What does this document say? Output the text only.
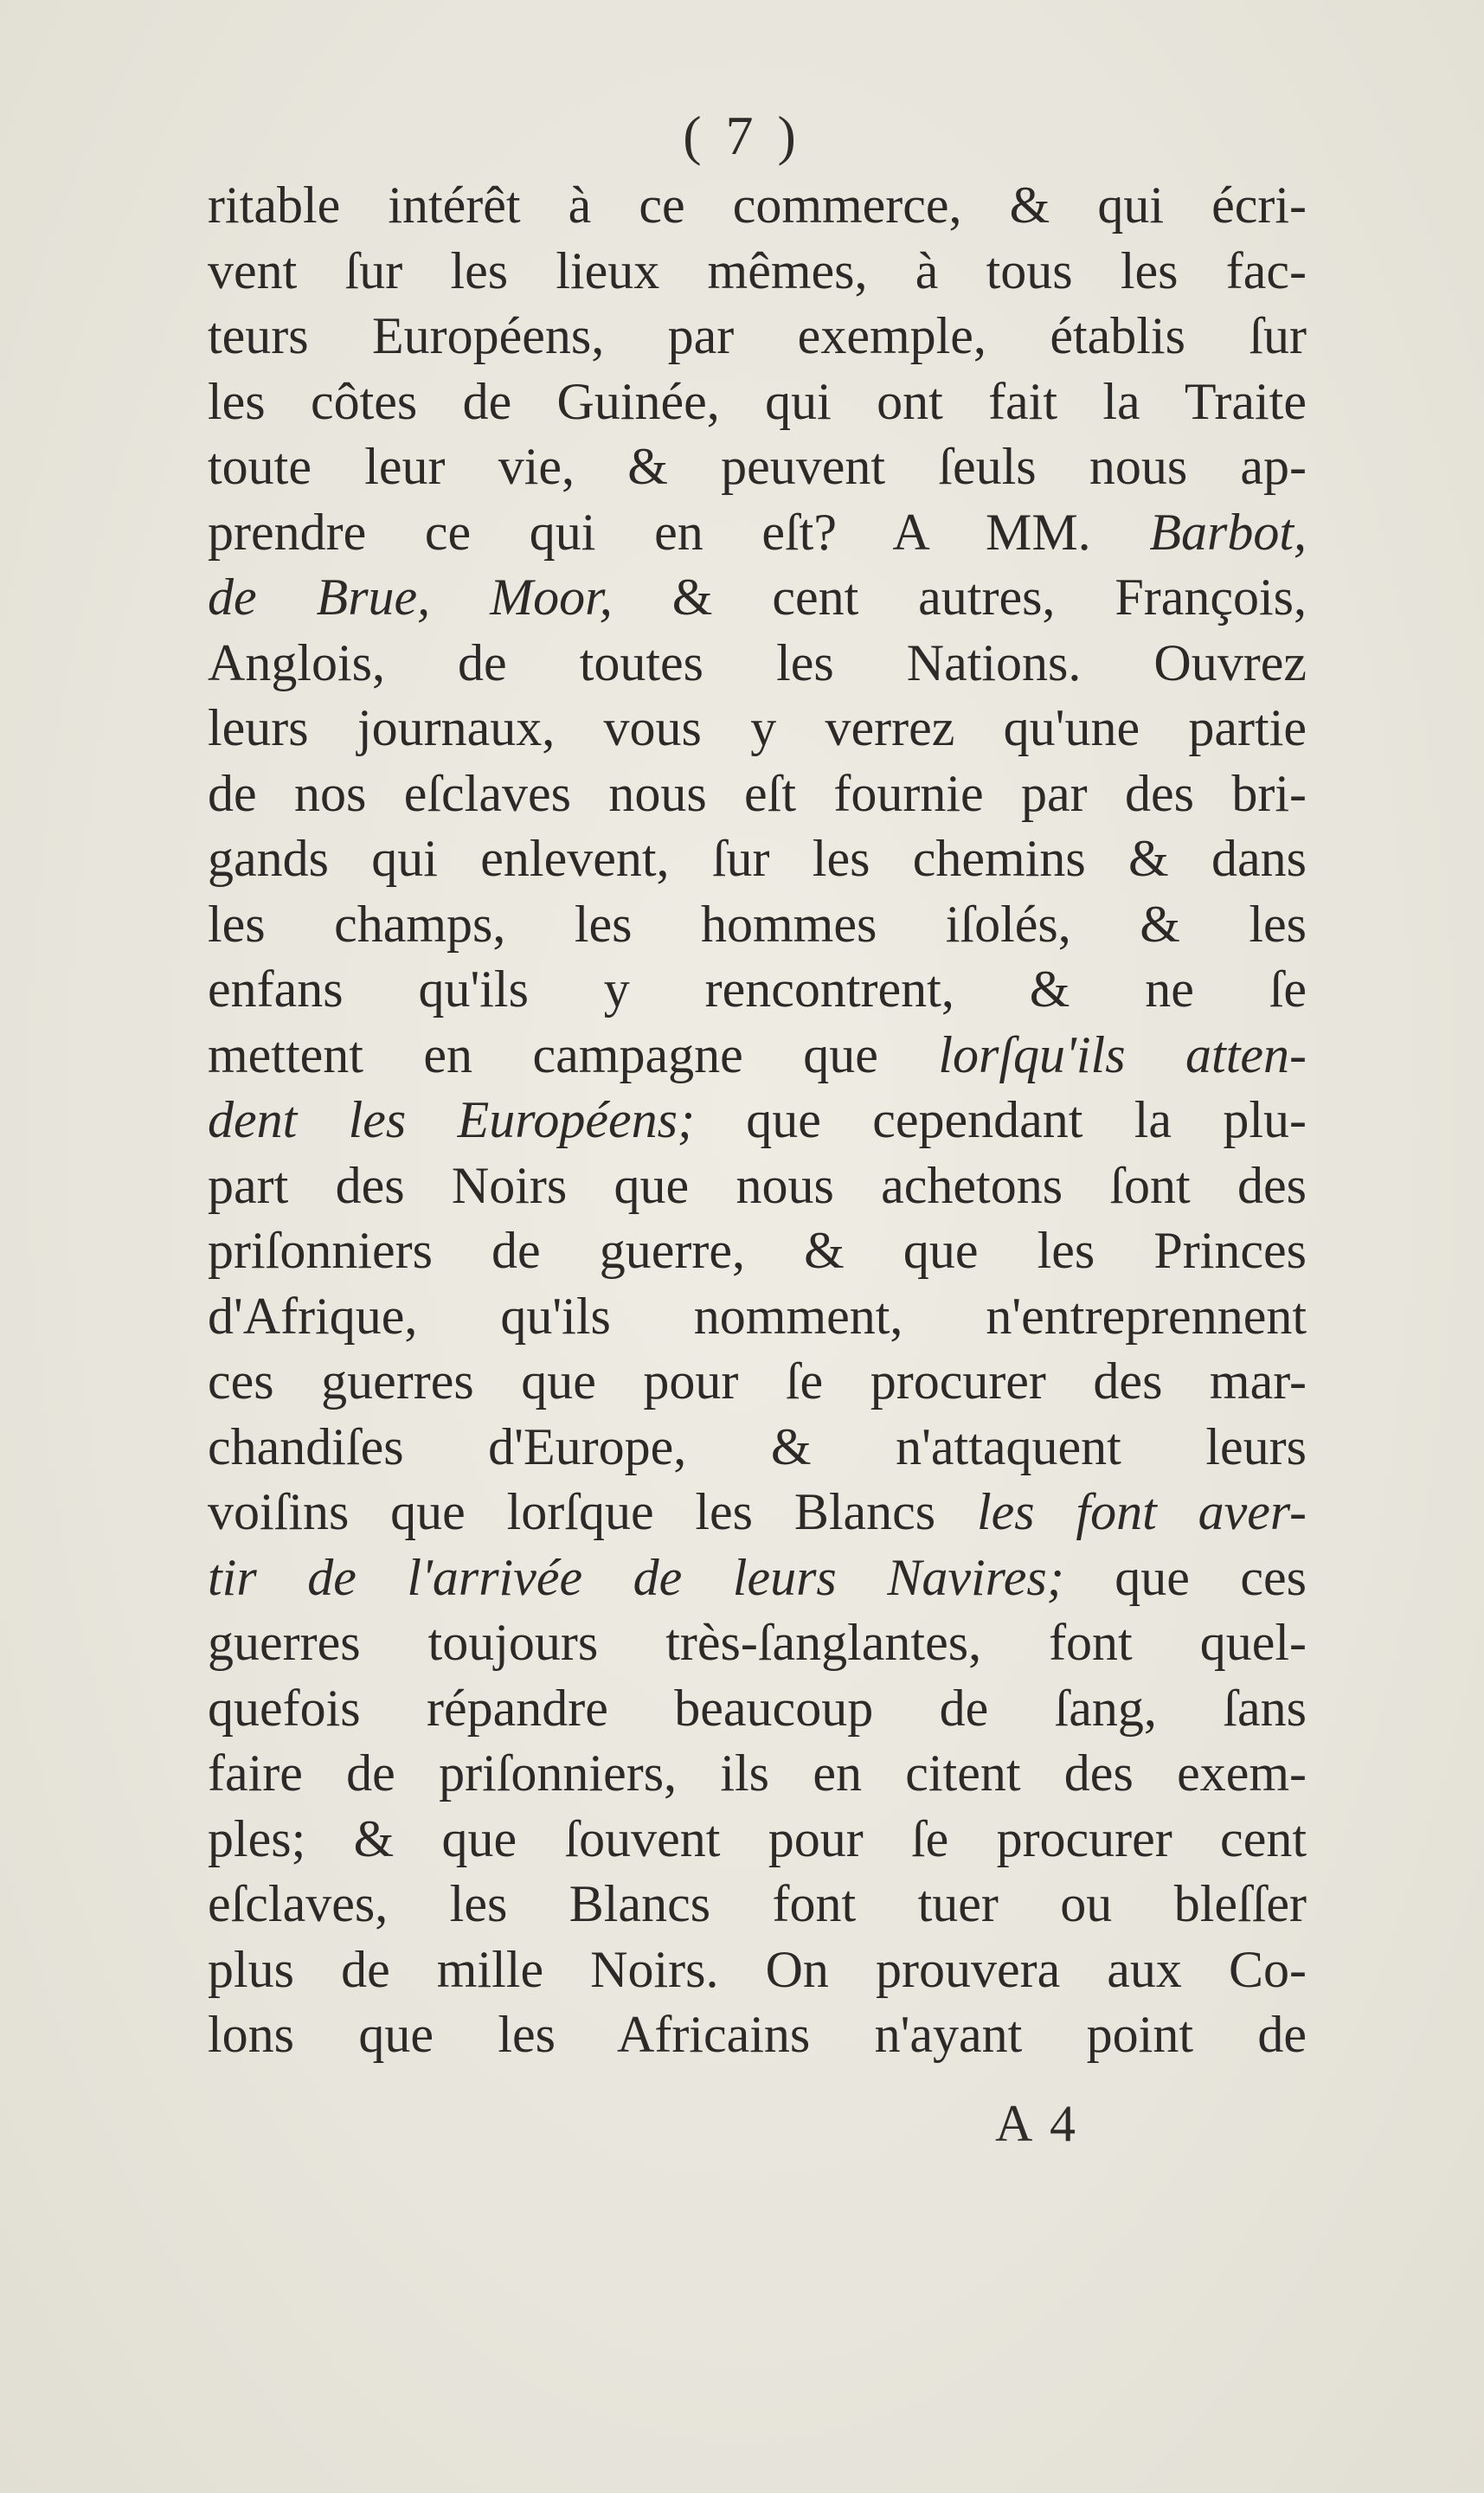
( 7 )
ritable intérêt à ce commerce, & qui écri-
vent ſur les lieux mêmes, à tous les fac-
teurs Européens, par exemple, établis ſur
les côtes de Guinée, qui ont fait la Traite
toute leur vie, & peuvent ſeuls nous ap-
prendre ce qui en eſt? A MM. Barbot,
de Brue, Moor, & cent autres, François,
Anglois, de toutes les Nations. Ouvrez
leurs journaux, vous y verrez qu'une partie
de nos eſclaves nous eſt fournie par des bri-
gands qui enlevent, ſur les chemins & dans
les champs, les hommes iſolés, & les
enfans qu'ils y rencontrent, & ne ſe
mettent en campagne que lorſqu'ils atten-
dent les Européens; que cependant la plu-
part des Noirs que nous achetons ſont des
priſonniers de guerre, & que les Princes
d'Afrique, qu'ils nomment, n'entreprennent
ces guerres que pour ſe procurer des mar-
chandiſes d'Europe, & n'attaquent leurs
voiſins que lorſque les Blancs les font aver-
tir de l'arrivée de leurs Navires; que ces
guerres toujours très-ſanglantes, font quel-
quefois répandre beaucoup de ſang, ſans
faire de priſonniers, ils en citent des exem-
ples; & que ſouvent pour ſe procurer cent
eſclaves, les Blancs font tuer ou bleſſer
plus de mille Noirs. On prouvera aux Co-
lons que les Africains n'ayant point de
A 4
